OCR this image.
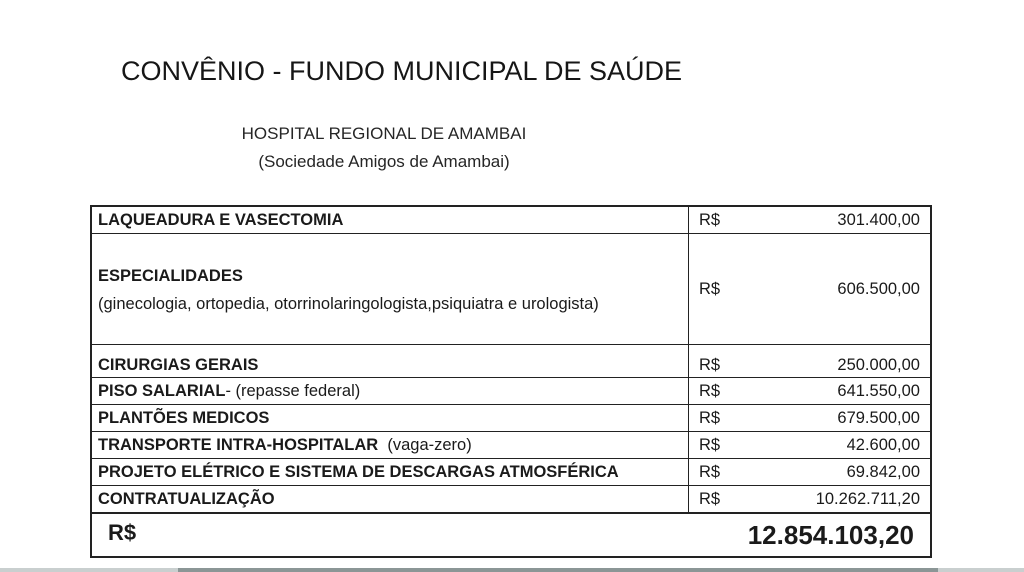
CONVÊNIO - FUNDO MUNICIPAL DE SAÚDE
HOSPITAL REGIONAL DE AMAMBAI
(Sociedade Amigos de Amambai)
LAQUEADURA E VASECTOMIA	R$ 301.400,00

ESPECIALIDADES
(ginecologia, ortopedia, otorrinolaringologista,psiquiatra e urologista)	R$ 606.500,00

CIRURGIAS GERAIS	R$ 250.000,00

PISO SALARIAL- (repasse federal)	R$ 641.550,00

PLANTÕES MEDICOS	R$ 679.500,00

TRANSPORTE INTRA-HOSPITALAR  (vaga-zero)	R$ 42.600,00

PROJETO ELÉTRICO E SISTEMA DE DESCARGAS ATMOSFÉRICA	R$ 69.842,00

CONTRATUALIZAÇÃO	R$ 10.262.711,20

R$ 12.854.103,20	
